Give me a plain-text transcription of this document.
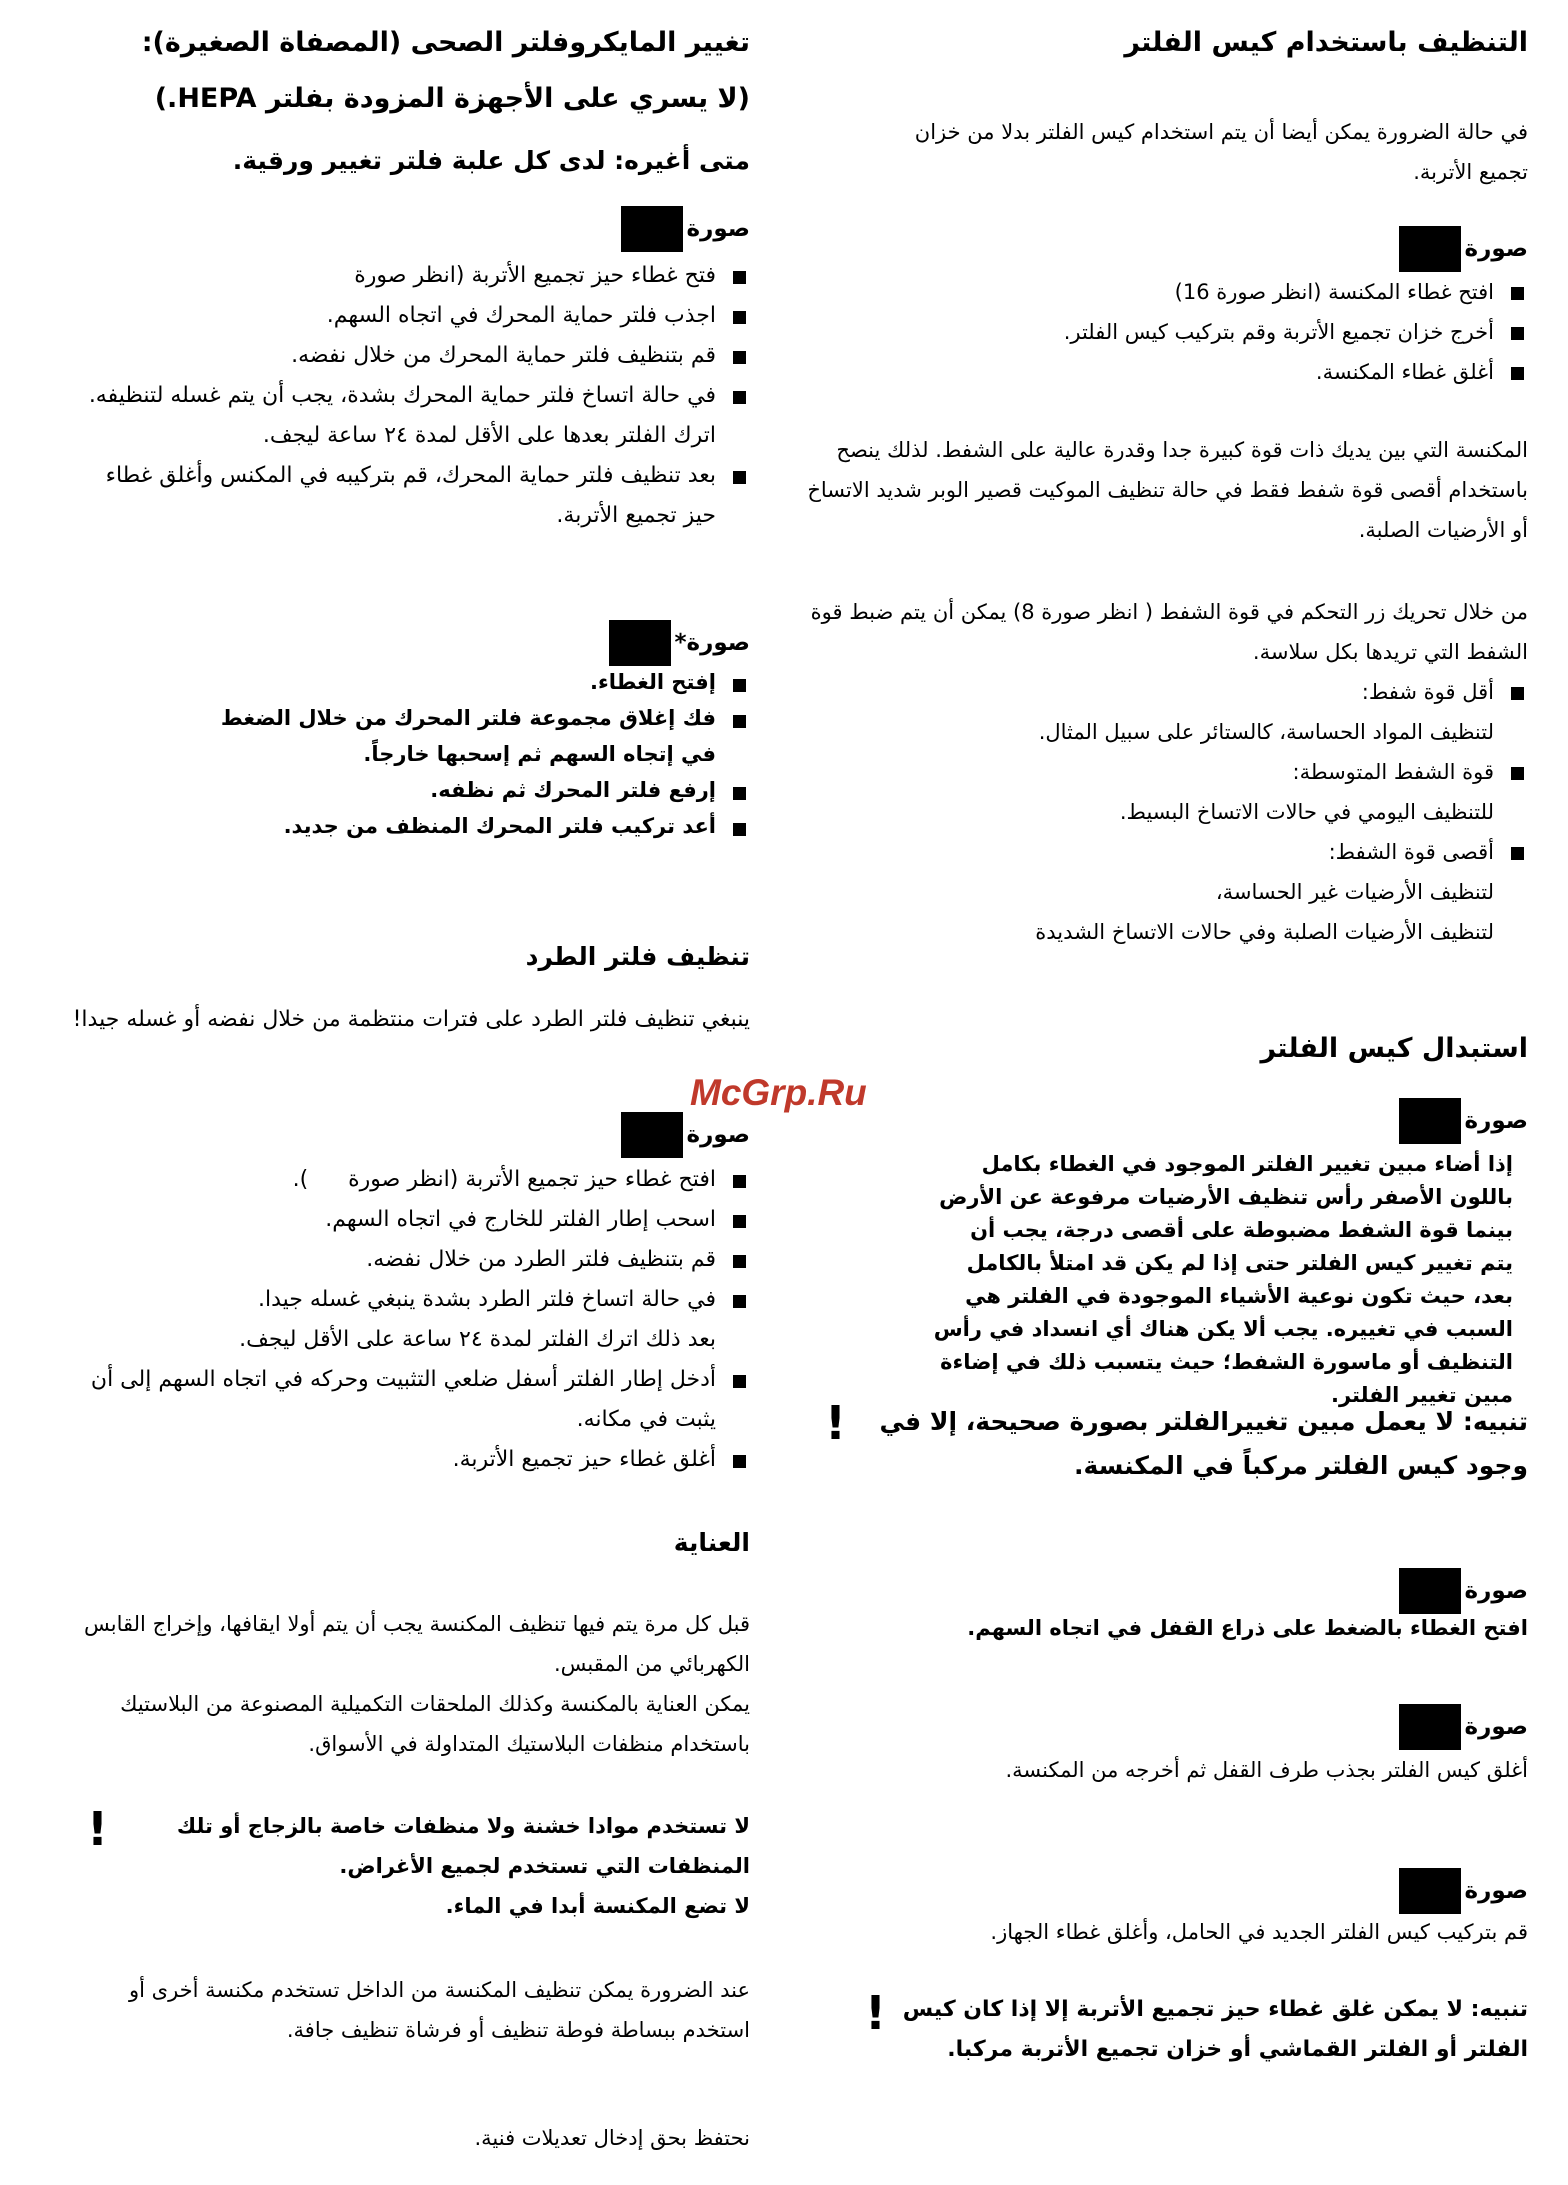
التنظيف باستخدام كيس الفلتر
في حالة الضرورة يمكن أيضا أن يتم استخدام كيس الفلتر بدلا من خزان تجميع الأتربة.
صورة
افتح غطاء المكنسة (انظر صورة 16)
أخرج خزان تجميع الأتربة وقم بتركيب كيس الفلتر.
أغلق غطاء المكنسة.
المكنسة التي بين يديك ذات قوة كبيرة جدا وقدرة عالية على الشفط. لذلك ينصح باستخدام أقصى قوة شفط فقط في حالة تنظيف الموكيت قصير الوبر شديد الاتساخ أو الأرضيات الصلبة.
من خلال تحريك زر التحكم في قوة الشفط ( انظر صورة 8) يمكن أن يتم ضبط قوة الشفط التي تريدها بكل سلاسة.
أقل قوة شفط:
لتنظيف المواد الحساسة، كالستائر على سبيل المثال.
قوة الشفط المتوسطة:
للتنظيف اليومي في حالات الاتساخ البسيط.
أقصى قوة الشفط:
لتنظيف الأرضيات غير الحساسة،
لتنظيف الأرضيات الصلبة وفي حالات الاتساخ الشديدة
استبدال كيس الفلتر
صورة
إذا أضاء مبين تغيير الفلتر الموجود في الغطاء بكامل باللون الأصفر رأس تنظيف الأرضيات مرفوعة عن الأرض بينما قوة الشفط مضبوطة على أقصى درجة، يجب أن يتم تغيير كيس الفلتر حتى إذا لم يكن قد امتلأ بالكامل بعد، حيث تكون نوعية الأشياء الموجودة في الفلتر هي السبب في تغييره. يجب ألا يكن هناك أي انسداد في رأس التنظيف أو ماسورة الشفط؛ حيث يتسبب ذلك في إضاءة مبين تغيير الفلتر.
تنبيه: لا يعمل مبين تغييرالفلتر بصورة صحيحة، إلا في وجود كيس الفلتر مركباً في المكنسة.
!
صورة
افتح الغطاء بالضغط على ذراع القفل في اتجاه السهم.
صورة
أغلق كيس الفلتر بجذب طرف القفل ثم أخرجه من المكنسة.
صورة
قم بتركيب كيس الفلتر الجديد في الحامل، وأغلق غطاء الجهاز.
تنبيه: لا يمكن غلق غطاء حيز تجميع الأتربة إلا إذا كان كيس الفلتر أو الفلتر القماشي أو خزان تجميع الأتربة مركبا.
!
تغيير المايكروفلتر الصحى (المصفاة الصغيرة):
(لا يسري على الأجهزة المزودة بفلتر HEPA.)
متى أغيره: لدى كل علبة فلتر تغيير ورقية.
صورة
فتح غطاء حيز تجميع الأتربة (انظر صورة
اجذب فلتر حماية المحرك في اتجاه السهم.
قم بتنظيف فلتر حماية المحرك من خلال نفضه.
في حالة اتساخ فلتر حماية المحرك بشدة، يجب أن يتم غسله لتنظيفه.
اترك الفلتر بعدها على الأقل لمدة ٢٤ ساعة ليجف.
بعد تنظيف فلتر حماية المحرك، قم بتركيبه في المكنس وأغلق غطاء حيز تجميع الأتربة.
صورة*
إفتح الغطاء.
فك إغلاق مجموعة فلتر المحرك من خلال الضغط في إتجاه السهم ثم إسحبها خارجاً.
إرفع فلتر المحرك ثم نظفه.
أعد تركيب فلتر المحرك المنظف من جديد.
تنظيف فلتر الطرد
ينبغي تنظيف فلتر الطرد على فترات منتظمة من خلال نفضه أو غسله جيدا!
صورة
افتح غطاء حيز تجميع الأتربة (انظر صورة).
اسحب إطار الفلتر للخارج في اتجاه السهم.
قم بتنظيف فلتر الطرد من خلال نفضه.
في حالة اتساخ فلتر الطرد بشدة ينبغي غسله جيدا.
بعد ذلك اترك الفلتر لمدة ٢٤ ساعة على الأقل ليجف.
أدخل إطار الفلتر أسفل ضلعي التثبيت وحركه في اتجاه السهم إلى أن يثبت في مكانه.
أغلق غطاء حيز تجميع الأتربة.
العناية
قبل كل مرة يتم فيها تنظيف المكنسة يجب أن يتم أولا ايقافها، وإخراج القابس الكهربائي من المقبس.
يمكن العناية بالمكنسة وكذلك الملحقات التكميلية المصنوعة من البلاستيك باستخدام منظفات البلاستيك المتداولة في الأسواق.
لا تستخدم موادا خشنة ولا منظفات خاصة بالزجاج أو تلك المنظفات التي تستخدم لجميع الأغراض.
لا تضع المكنسة أبدا في الماء.
!
عند الضرورة يمكن تنظيف المكنسة من الداخل تستخدم مكنسة أخرى أو استخدم ببساطة فوطة تنظيف أو فرشاة تنظيف جافة.
نحتفظ بحق إدخال تعديلات فنية.
McGrp.Ru
